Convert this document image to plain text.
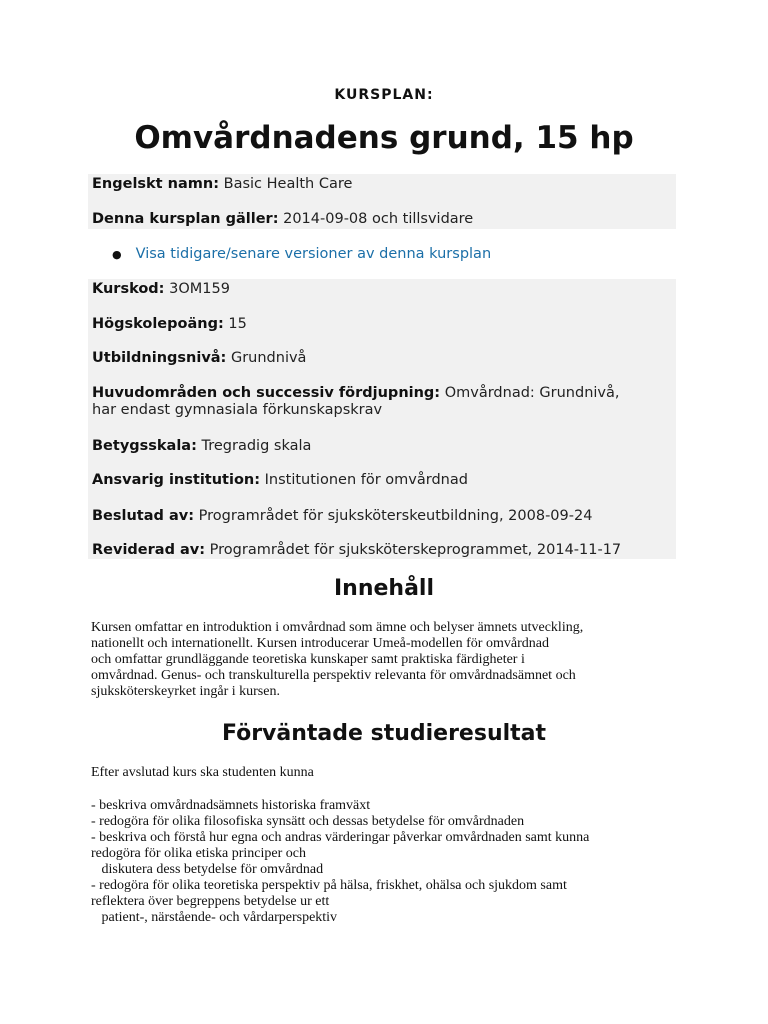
KURSPLAN:
Omvårdnadens grund, 15 hp
Engelskt namn: Basic Health Care
Denna kursplan gäller: 2014-09-08 och tillsvidare
● Visa tidigare/senare versioner av denna kursplan
Kurskod: 3OM159
Högskolepoäng: 15
Utbildningsnivå: Grundnivå
Huvudområden och successiv fördjupning: Omvårdnad: Grundnivå,
har endast gymnasiala förkunskapskrav
Betygsskala: Tregradig skala
Ansvarig institution: Institutionen för omvårdnad
Beslutad av: Programrådet för sjuksköterskeutbildning, 2008-09-24
Reviderad av: Programrådet för sjuksköterskeprogrammet, 2014-11-17
Innehåll
Kursen omfattar en introduktion i omvårdnad som ämne och belyser ämnets utveckling,
nationellt och internationellt. Kursen introducerar Umeå-modellen för omvårdnad
och omfattar grundläggande teoretiska kunskaper samt praktiska färdigheter i
omvårdnad. Genus- och transkulturella perspektiv relevanta för omvårdnadsämnet och
sjuksköterskeyrket ingår i kursen.
Förväntade studieresultat
Efter avslutad kurs ska studenten kunna
- beskriva omvårdnadsämnets historiska framväxt
- redogöra för olika filosofiska synsätt och dessas betydelse för omvårdnaden
- beskriva och förstå hur egna och andras värderingar påverkar omvårdnaden samt kunna
redogöra för olika etiska principer och
diskutera dess betydelse för omvårdnad
- redogöra för olika teoretiska perspektiv på hälsa, friskhet, ohälsa och sjukdom samt
reflektera över begreppens betydelse ur ett
patient-, närstående- och vårdarperspektiv
